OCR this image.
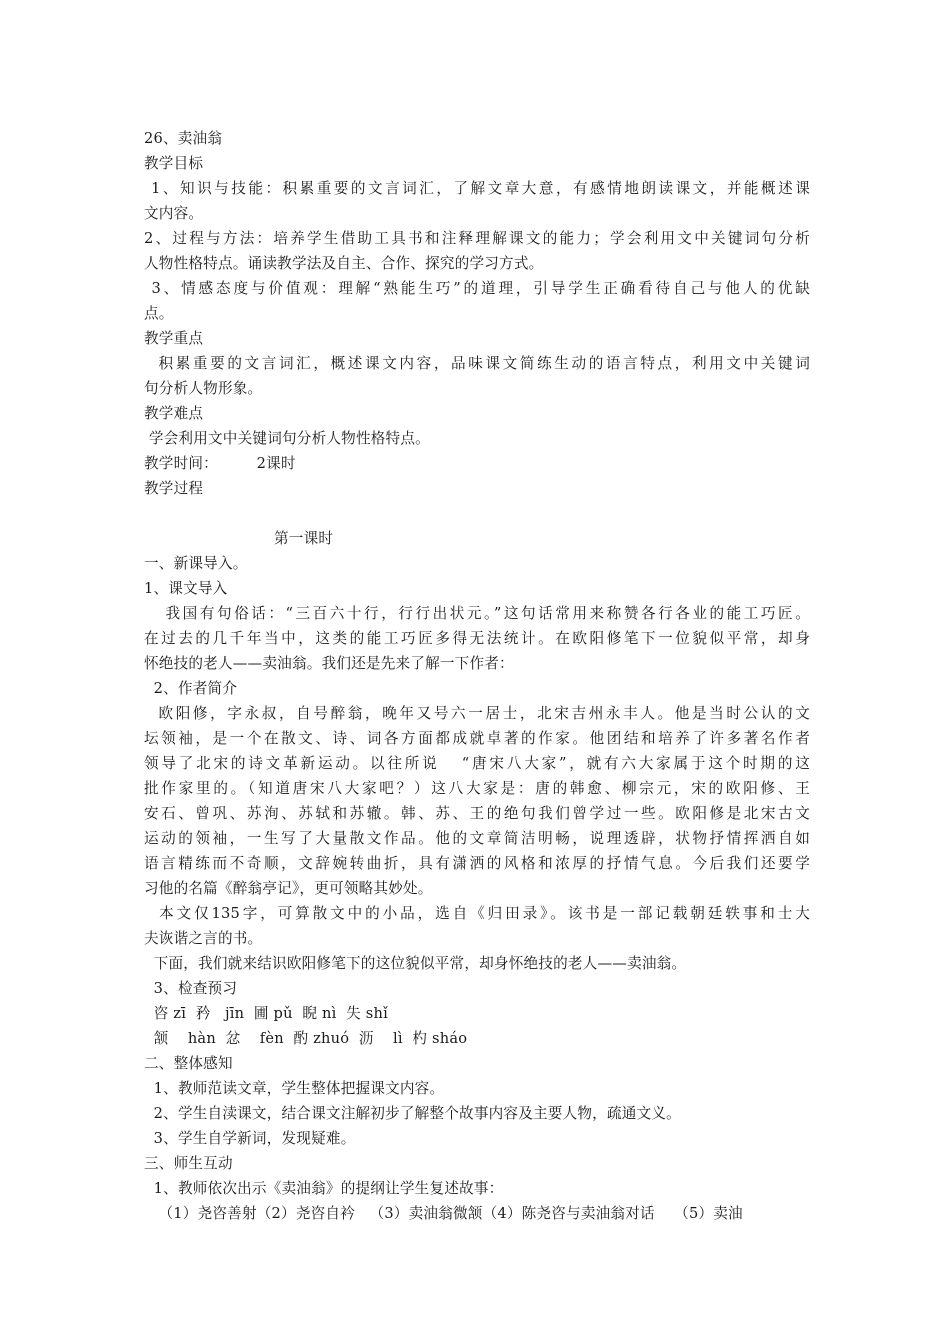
26、卖油翁
教学目标
1、知识与技能：积累重要的文言词汇，了解文章大意，有感情地朗读课文，并能概述课
文内容。
2、过程与方法：培养学生借助工具书和注释理解课文的能力；学会利用文中关键词句分析
人物性格特点。诵读教学法及自主、合作、探究的学习方式。
3、情感态度与价值观：理解“熟能生巧”的道理，引导学生正确看待自己与他人的优缺
点。
教学重点
积累重要的文言词汇，概述课文内容，品味课文简练生动的语言特点，利用文中关键词
句分析人物形象。
教学难点
学会利用文中关键词句分析人物性格特点。
教学时间：        2课时
教学过程
第一课时
一、新课导入。
1、课文导入
我国有句俗话：“三百六十行，行行出状元。”这句话常用来称赞各行各业的能工巧匠。
在过去的几千年当中，这类的能工巧匠多得无法统计。在欧阳修笔下一位貌似平常，却身
怀绝技的老人——卖油翁。我们还是先来了解一下作者：
2、作者简介
欧阳修，字永叔，自号醉翁，晚年又号六一居士，北宋吉州永丰人。他是当时公认的文
坛领袖，是一个在散文、诗、词各方面都成就卓著的作家。他团结和培养了许多著名作者
领导了北宋的诗文革新运动。以往所说   “唐宋八大家”，就有六大家属于这个时期的这
批作家里的。（知道唐宋八大家吧？）这八大家是：唐的韩愈、柳宗元，宋的欧阳修、王
安石、曾巩、苏洵、苏轼和苏辙。韩、苏、王的绝句我们曾学过一些。欧阳修是北宋古文
运动的领袖，一生写了大量散文作品。他的文章简洁明畅，说理透辟，状物抒情挥洒自如
语言精练而不奇顺，文辞婉转曲折，具有潇洒的风格和浓厚的抒情气息。今后我们还要学
习他的名篇《醉翁亭记》，更可领略其妙处。
本文仅135字，可算散文中的小品，选自《归田录》。该书是一部记载朝廷轶事和士大
夫诙谐之言的书。
下面，我们就来结识欧阳修笔下的这位貌似平常，却身怀绝技的老人——卖油翁。
3、检查预习
咨 zī  矜   jīn  圃 pǔ  睨 nì  失 shǐ
颔    hàn  忿    fèn  酌 zhuó  沥    lì  杓 sháo
二、整体感知
1、教师范读文章，学生整体把握课文内容。
2、学生自渎课文，结合课文注解初步了解整个故事内容及主要人物，疏通文义。
3、学生自学新词，发现疑难。
三、师生互动
1、教师依次出示《卖油翁》的提纲让学生复述故事：
（1）尧咨善射（2）尧咨自衿   （3）卖油翁微颔（4）陈尧咨与卖油翁对话    （5）卖油
